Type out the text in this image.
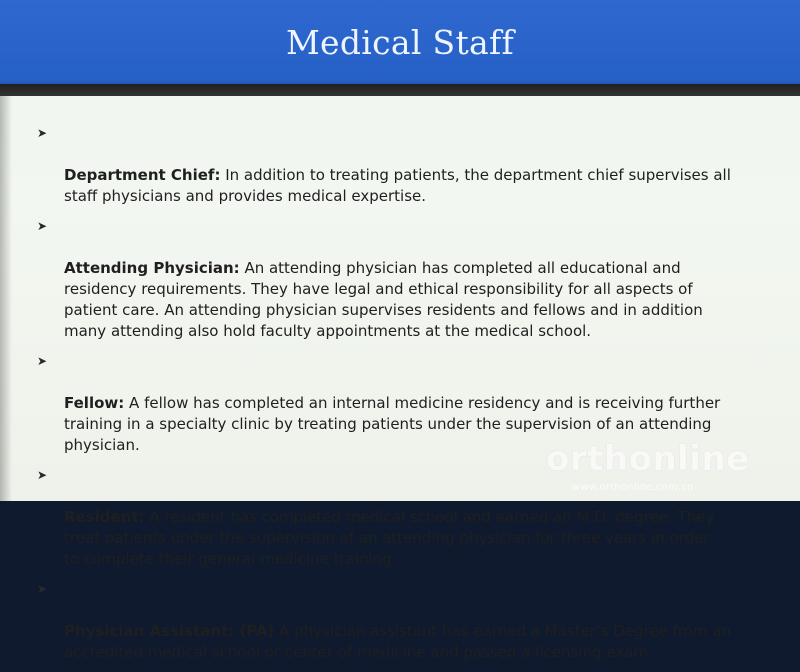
Medical Staff

➤

Department Chief: In addition to treating patients, the department chief supervises all
staff physicians and provides medical expertise.

➤

Attending Physician: An attending physician has completed all educational and
residency requirements. They have legal and ethical responsibility for all aspects of
patient care. An attending physician supervises residents and fellows and in addition
many attending also hold faculty appointments at the medical school.

➤

Fellow: A fellow has completed an internal medicine residency and is receiving further
training in a specialty clinic by treating patients under the supervision of an attending
physician.

➤

Resident: A resident has completed medical school and earned an M.D. degree. They
treat patients under the supervision of an attending physician for three years in order
to complete their general medicine training.

➤

Physician Assistant: (PA) A physician assistant has earned a Master’s Degree from an
accredited medical school or center of medicine and passed a licensing exam.

orthonline
www.orthonline.com.cn
